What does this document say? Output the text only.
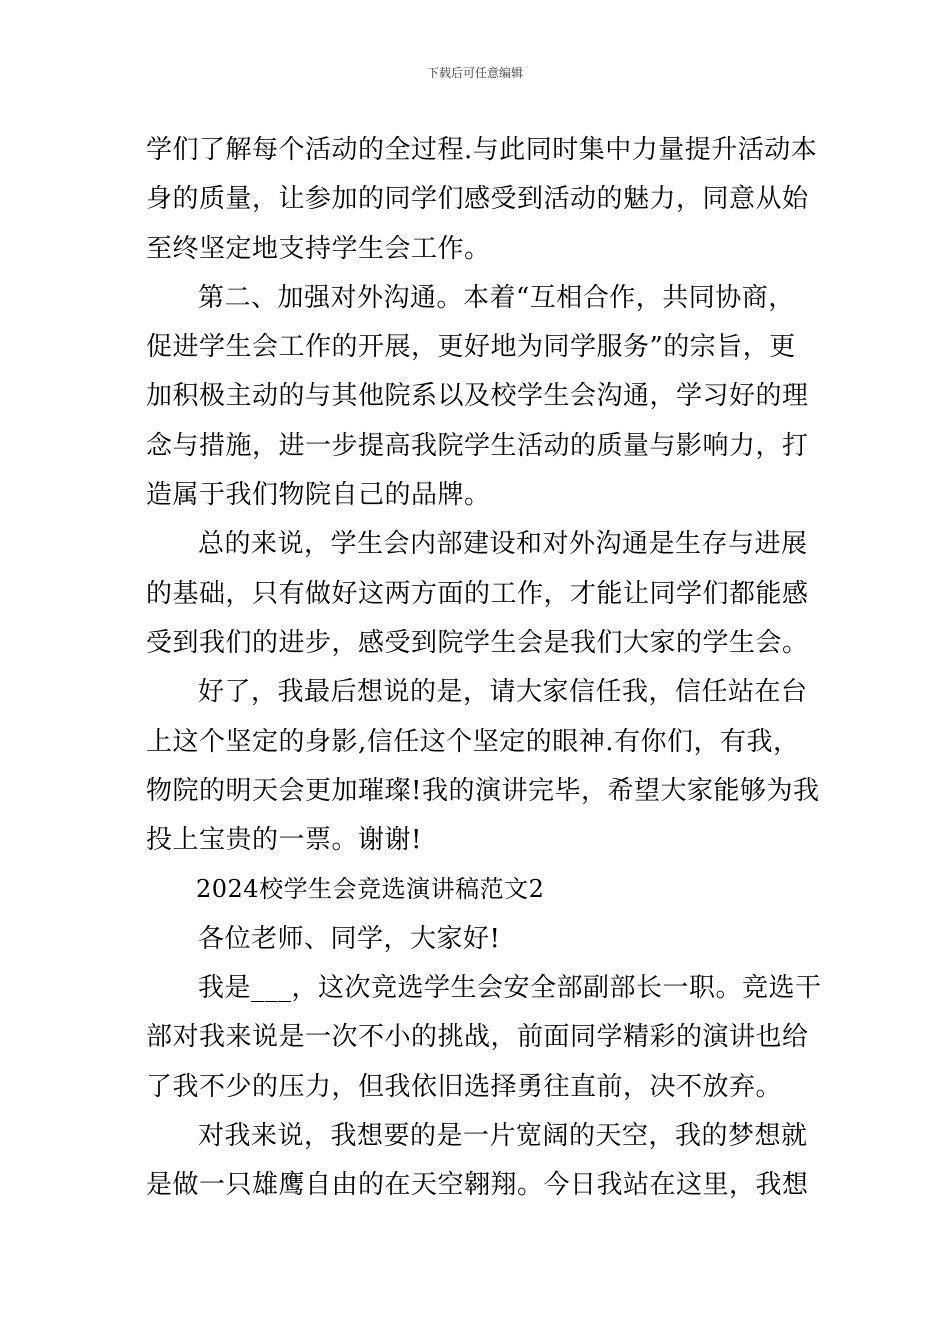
下载后可任意编辑
学们了解每个活动的全过程.与此同时集中力量提升活动本
身的质量，让参加的同学们感受到活动的魅力，同意从始
至终坚定地支持学生会工作。
第二、加强对外沟通。本着“互相合作，共同协商，
促进学生会工作的开展，更好地为同学服务”的宗旨，更
加积极主动的与其他院系以及校学生会沟通，学习好的理
念与措施，进一步提高我院学生活动的质量与影响力，打
造属于我们物院自己的品牌。
总的来说，学生会内部建设和对外沟通是生存与进展
的基础，只有做好这两方面的工作，才能让同学们都能感
受到我们的进步，感受到院学生会是我们大家的学生会。
好了，我最后想说的是，请大家信任我，信任站在台
上这个坚定的身影,信任这个坚定的眼神.有你们，有我，
物院的明天会更加璀璨!我的演讲完毕，希望大家能够为我
投上宝贵的一票。谢谢!
2024校学生会竞选演讲稿范文2
各位老师、同学，大家好!
我是___，这次竞选学生会安全部副部长一职。竞选干
部对我来说是一次不小的挑战，前面同学精彩的演讲也给
了我不少的压力，但我依旧选择勇往直前，决不放弃。
对我来说，我想要的是一片宽阔的天空，我的梦想就
是做一只雄鹰自由的在天空翱翔。今日我站在这里，我想
